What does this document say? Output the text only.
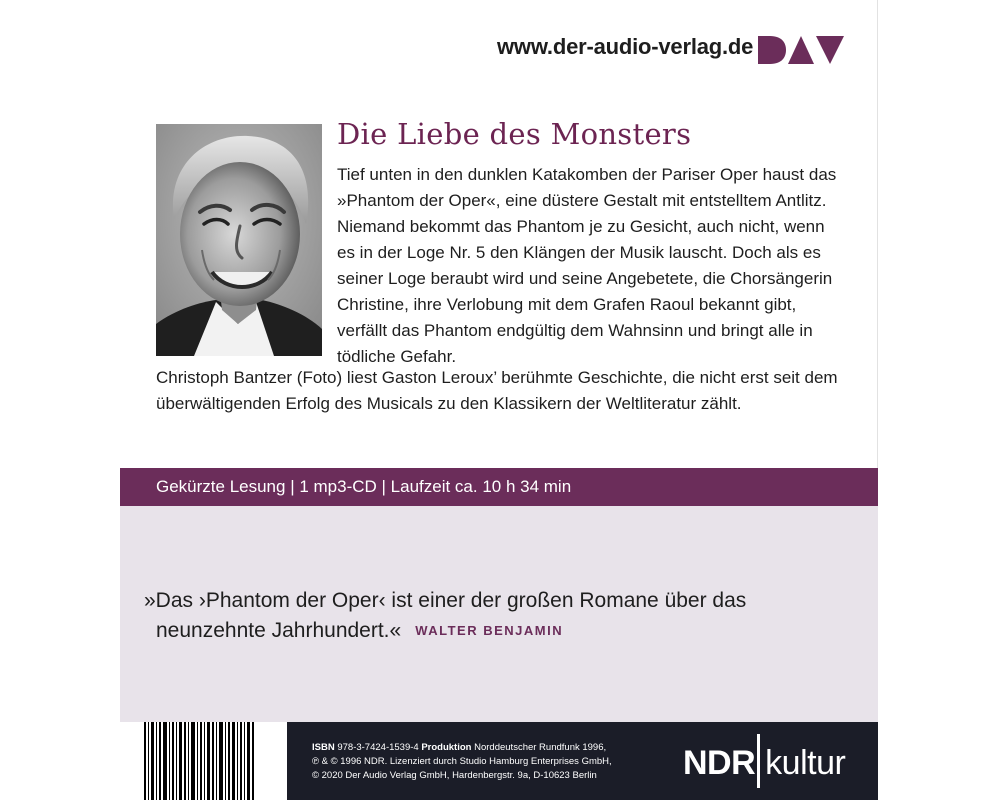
www.der-audio-verlag.de
Die Liebe des Monsters
Tief unten in den dunklen Katakomben der Pariser Oper haust das
»Phantom der Oper«, eine düstere Gestalt mit entstelltem Antlitz.
Niemand bekommt das Phantom je zu Gesicht, auch nicht, wenn
es in der Loge Nr. 5 den Klängen der Musik lauscht. Doch als es
seiner Loge beraubt wird und seine Angebetete, die Chorsängerin
Christine, ihre Verlobung mit dem Grafen Raoul bekannt gibt,
verfällt das Phantom endgültig dem Wahnsinn und bringt alle in
tödliche Gefahr.
Christoph Bantzer (Foto) liest Gaston Leroux’ berühmte Geschichte, die nicht erst seit dem
überwältigenden Erfolg des Musicals zu den Klassikern der Weltliteratur zählt.
Gekürzte Lesung | 1 mp3-CD | Laufzeit ca. 10 h 34 min
»Das ›Phantom der Oper‹ ist einer der großen Romane über das
neunzehnte Jahrhundert.« WALTER BENJAMIN
ISBN 978-3-7424-1539-4 Produktion Norddeutscher Rundfunk 1996,
℗ & © 1996 NDR. Lizenziert durch Studio Hamburg Enterprises GmbH,
© 2020 Der Audio Verlag GmbH, Hardenbergstr. 9a, D-10623 Berlin	NDR kultur
